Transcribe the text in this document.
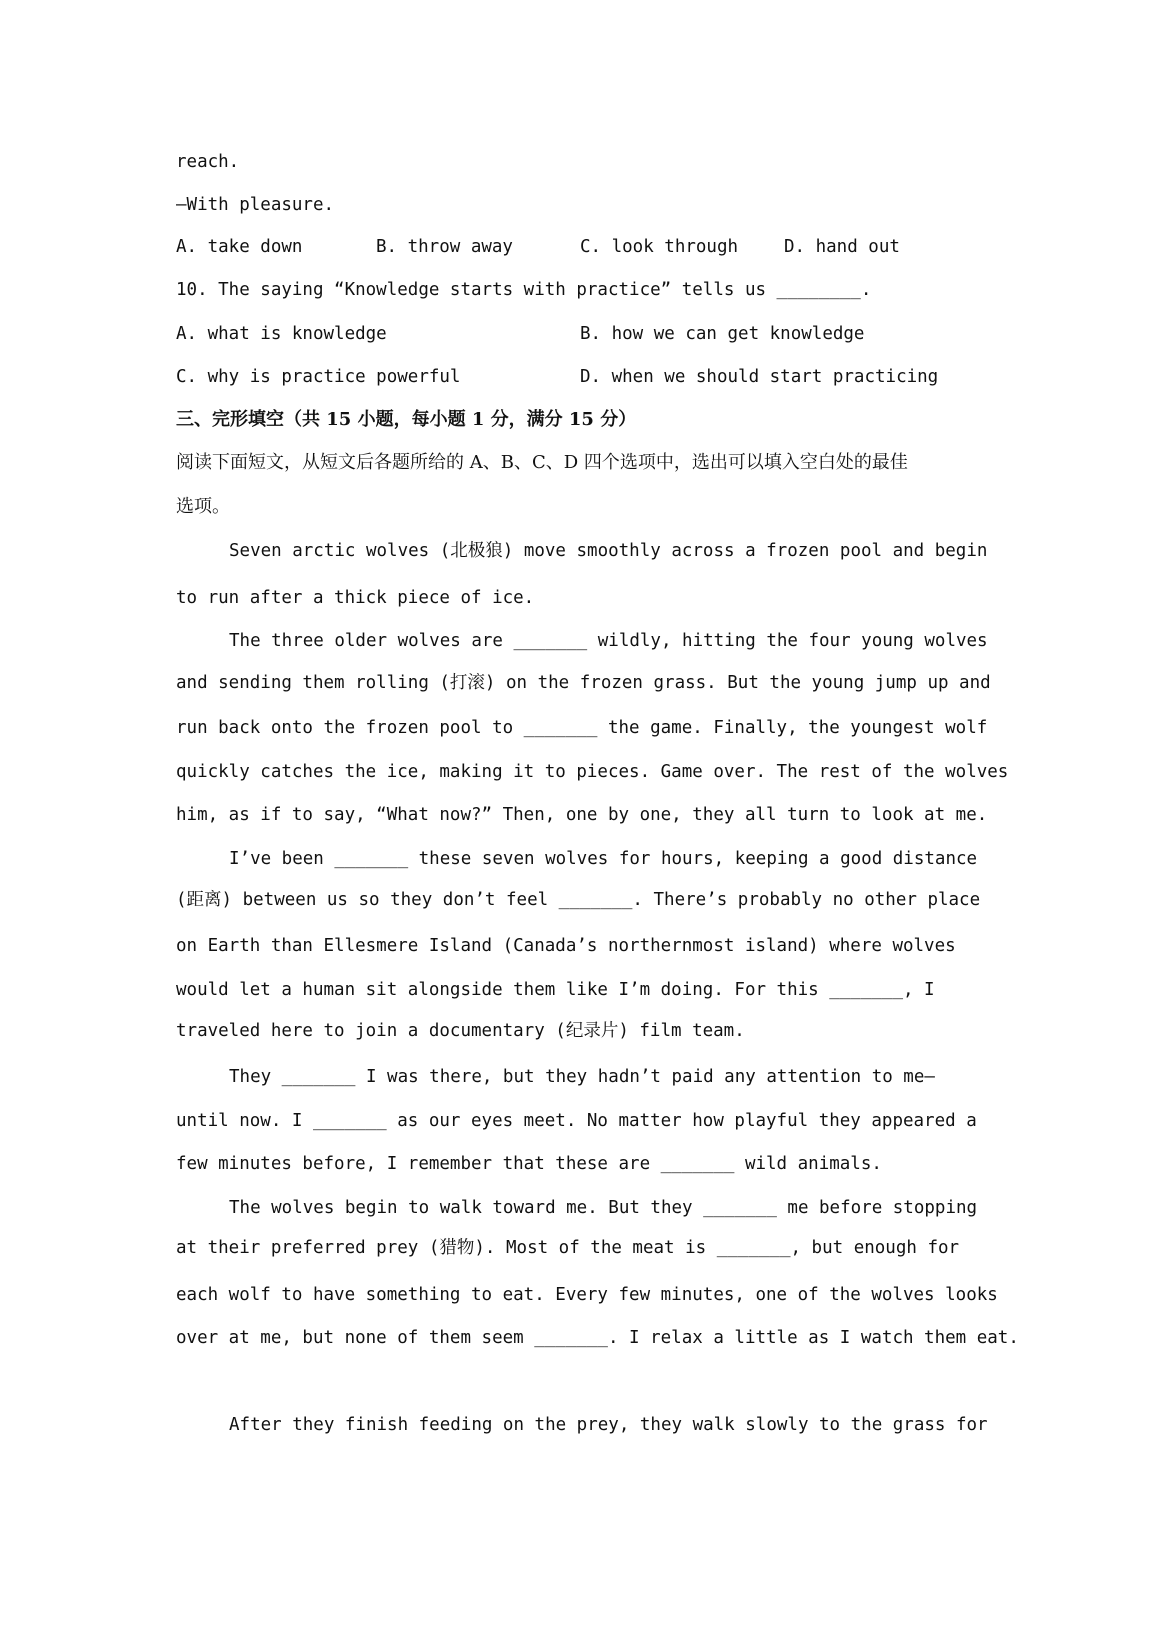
reach.
—With pleasure.
A. take down	B. throw away	C. look through	D. hand out
10. The saying “Knowledge starts with practice” tells us ________.
A. what is knowledge	B. how we can get knowledge
C. why is practice powerful	D. when we should start practicing
三、完形填空（共 15 小题，每小题 1 分，满分 15 分）
阅读下面短文，从短文后各题所给的 A、B、C、D 四个选项中，选出可以填入空白处的最佳
选项。
Seven arctic wolves (北极狼) move smoothly across a frozen pool and begin
to run after a thick piece of ice.
The three older wolves are _______ wildly, hitting the four young wolves
and sending them rolling (打滚) on the frozen grass. But the young jump up and
run back onto the frozen pool to _______ the game. Finally, the youngest wolf
quickly catches the ice, making it to pieces. Game over. The rest of the wolves
him, as if to say, “What now?” Then, one by one, they all turn to look at me.
I’ve been _______ these seven wolves for hours, keeping a good distance
(距离) between us so they don’t feel _______. There’s probably no other place
on Earth than Ellesmere Island (Canada’s northernmost island) where wolves
would let a human sit alongside them like I’m doing. For this _______, I
traveled here to join a documentary (纪录片) film team.
They _______ I was there, but they hadn’t paid any attention to me—
until now. I _______ as our eyes meet. No matter how playful they appeared a
few minutes before, I remember that these are _______ wild animals.
The wolves begin to walk toward me. But they _______ me before stopping
at their preferred prey (猎物). Most of the meat is _______, but enough for
each wolf to have something to eat. Every few minutes, one of the wolves looks
over at me, but none of them seem _______. I relax a little as I watch them eat.
After they finish feeding on the prey, they walk slowly to the grass for
